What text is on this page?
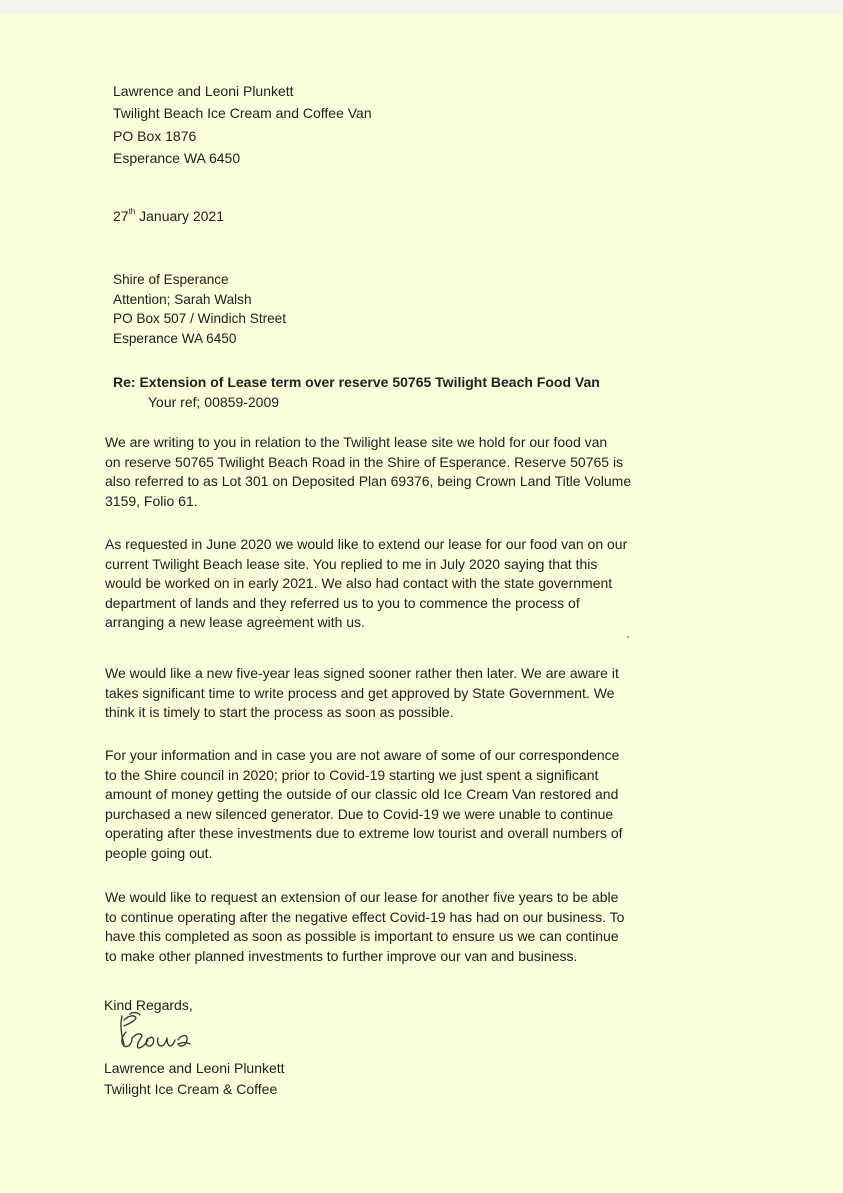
Lawrence and Leoni Plunkett
Twilight Beach Ice Cream and Coffee Van
PO Box 1876
Esperance WA 6450
27th January 2021
Shire of Esperance
Attention; Sarah Walsh
PO Box 507 / Windich Street
Esperance WA 6450
Re: Extension of Lease term over reserve 50765 Twilight Beach Food Van
Your ref; 00859-2009
We are writing to you in relation to the Twilight lease site we hold for our food van
on reserve 50765 Twilight Beach Road in the Shire of Esperance. Reserve 50765 is
also referred to as Lot 301 on Deposited Plan 69376, being Crown Land Title Volume
3159, Folio 61.
As requested in June 2020 we would like to extend our lease for our food van on our
current Twilight Beach lease site. You replied to me in July 2020 saying that this
would be worked on in early 2021. We also had contact with the state government
department of lands and they referred us to you to commence the process of
arranging a new lease agreement with us.
We would like a new five-year leas signed sooner rather then later. We are aware it
takes significant time to write process and get approved by State Government. We
think it is timely to start the process as soon as possible.
For your information and in case you are not aware of some of our correspondence
to the Shire council in 2020; prior to Covid-19 starting we just spent a significant
amount of money getting the outside of our classic old Ice Cream Van restored and
purchased a new silenced generator. Due to Covid-19 we were unable to continue
operating after these investments due to extreme low tourist and overall numbers of
people going out.
We would like to request an extension of our lease for another five years to be able
to continue operating after the negative effect Covid-19 has had on our business. To
have this completed as soon as possible is important to ensure us we can continue
to make other planned investments to further improve our van and business.
Kind Regards,
Lawrence and Leoni Plunkett
Twilight Ice Cream & Coffee
